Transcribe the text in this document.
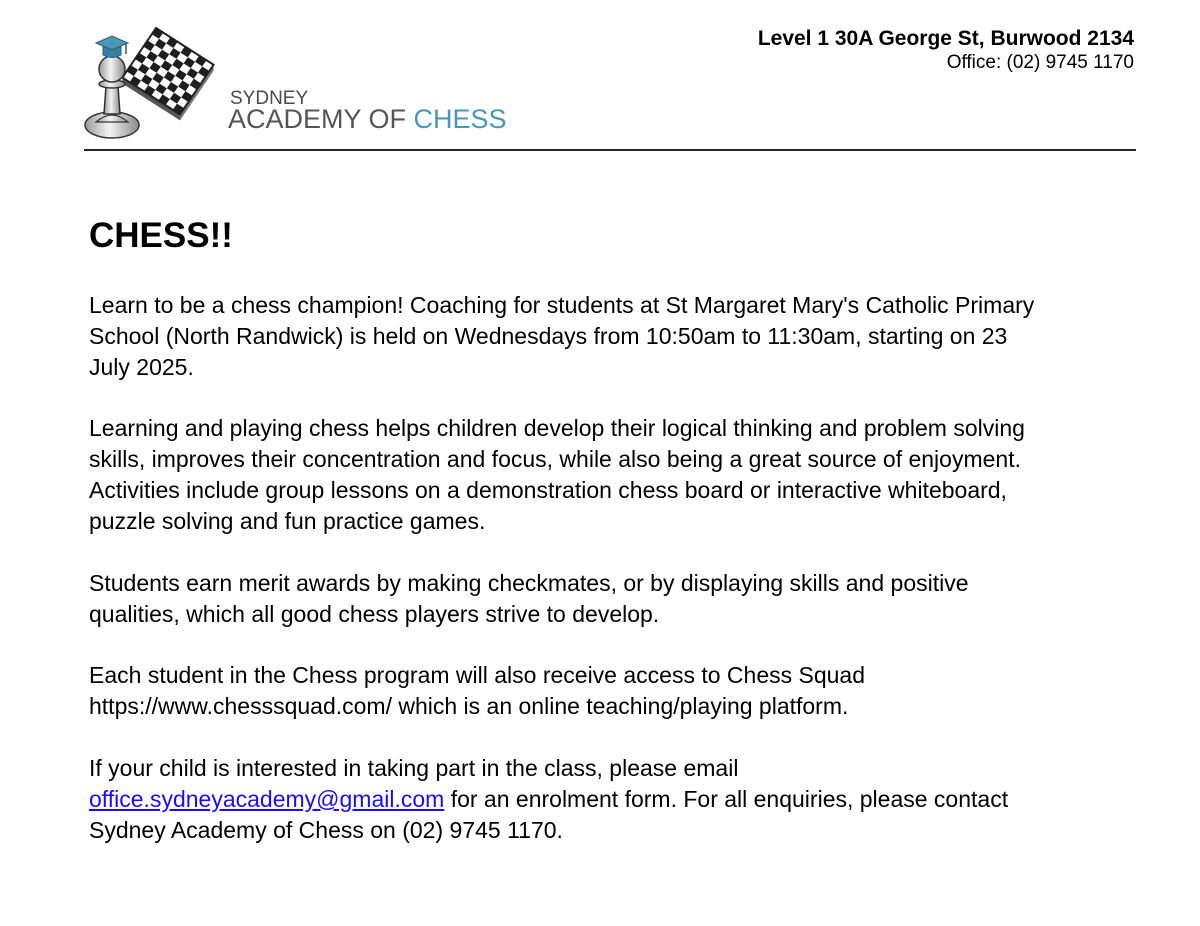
SYDNEY
ACADEMY OF CHESS
Level 1 30A George St, Burwood 2134
Office: (02) 9745 1170
CHESS!!
Learn to be a chess champion! Coaching for students at St Margaret Mary's Catholic Primary
School (North Randwick) is held on Wednesdays from 10:50am to 11:30am, starting on 23
July 2025.
Learning and playing chess helps children develop their logical thinking and problem solving
skills, improves their concentration and focus, while also being a great source of enjoyment.
Activities include group lessons on a demonstration chess board or interactive whiteboard,
puzzle solving and fun practice games.
Students earn merit awards by making checkmates, or by displaying skills and positive
qualities, which all good chess players strive to develop.
Each student in the Chess program will also receive access to Chess Squad
https://www.chesssquad.com/ which is an online teaching/playing platform.
If your child is interested in taking part in the class, please email
office.sydneyacademy@gmail.com for an enrolment form. For all enquiries, please contact
Sydney Academy of Chess on (02) 9745 1170.
